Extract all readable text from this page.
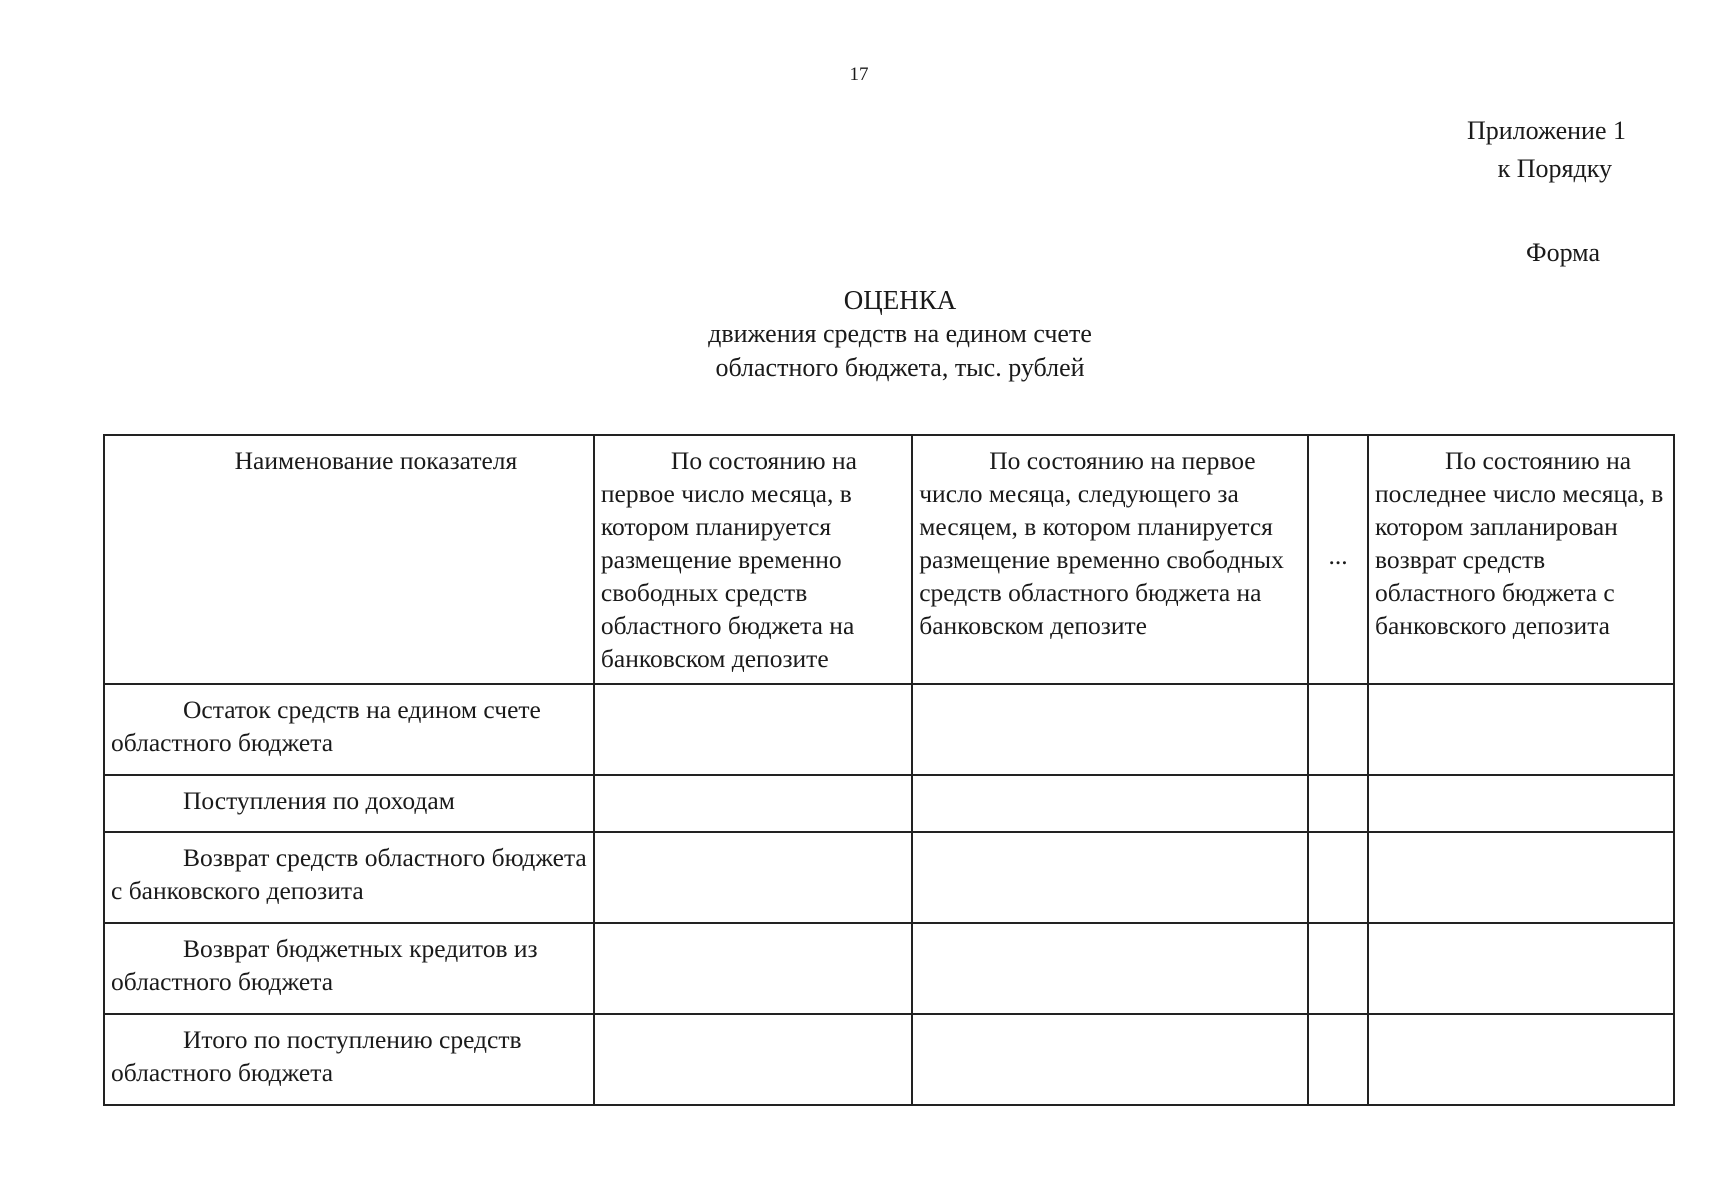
17
Приложение 1
к Порядку
Форма
ОЦЕНКА
движения средств на едином счете
областного бюджета, тыс. рублей
Наименование показателя	По состоянию на первое число месяца, в котором планируется размещение временно свободных средств областного бюджета на банковском депозите	По состоянию на первое число месяца, следующего за месяцем, в котором планируется размещение временно свободных средств областного бюджета на банковском депозите	...	По состоянию на последнее число месяца, в котором запланирован возврат средств областного бюджета с банковского депозита
Остаток средств на едином счете областного бюджета				
Поступления по доходам				
Возврат средств областного бюджета с банковского депозита				
Возврат бюджетных кредитов из областного бюджета				
Итого по поступлению средств областного бюджета				
